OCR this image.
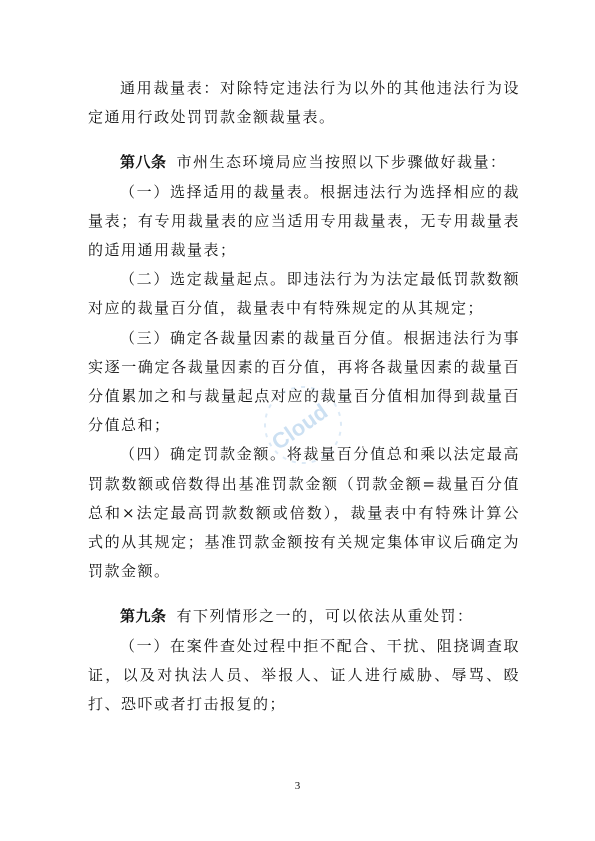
通用裁量表：对除特定违法行为以外的其他违法行为设定通用行政处罚罚款金额裁量表。

第八条 市州生态环境局应当按照以下步骤做好裁量：

（一）选择适用的裁量表。根据违法行为选择相应的裁量表；有专用裁量表的应当适用专用裁量表，无专用裁量表的适用通用裁量表；

（二）选定裁量起点。即违法行为为法定最低罚款数额对应的裁量百分值，裁量表中有特殊规定的从其规定；

（三）确定各裁量因素的裁量百分值。根据违法行为事实逐一确定各裁量因素的百分值，再将各裁量因素的裁量百分值累加之和与裁量起点对应的裁量百分值相加得到裁量百分值总和；

（四）确定罚款金额。将裁量百分值总和乘以法定最高罚款数额或倍数得出基准罚款金额（罚款金额=裁量百分值总和×法定最高罚款数额或倍数），裁量表中有特殊计算公式的从其规定；基准罚款金额按有关规定集体审议后确定为罚款金额。

第九条 有下列情形之一的，可以依法从重处罚：

（一）在案件查处过程中拒不配合、干扰、阻挠调查取证，以及对执法人员、举报人、证人进行威胁、辱骂、殴打、恐吓或者打击报复的；

Cloud
3
